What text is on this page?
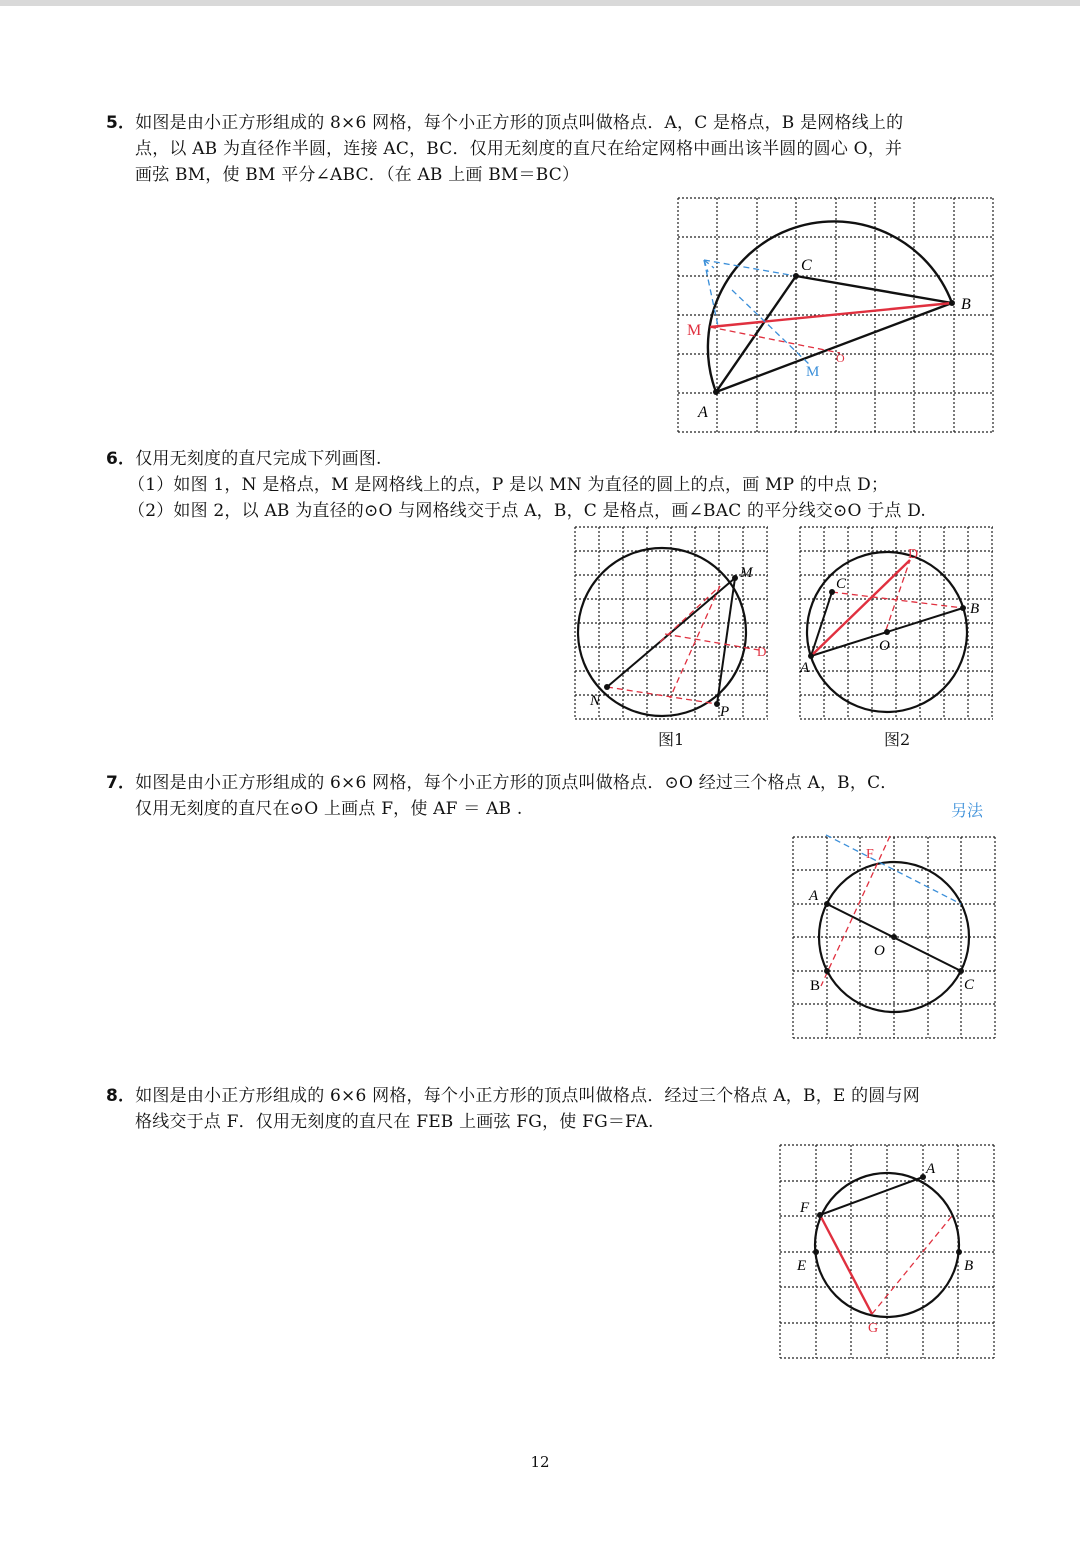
5．如图是由小正方形组成的 8×6 网格，每个小正方形的顶点叫做格点．A，C 是格点，B 是网格线上的
点，以 AB 为直径作半圆，连接 AC，BC．仅用无刻度的直尺在给定网格中画出该半圆的圆心 O，并
画弦 BM，使 BM 平分∠ABC．（在 AB 上画 BM＝BC）
A
C
B
M
O
M
6．仅用无刻度的直尺完成下列画图.
（1）如图 1，N 是格点，M 是网格线上的点，P 是以 MN 为直径的圆上的点，画 MP 的中点 D；
（2）如图 2，以 AB 为直径的⊙O 与网格线交于点 A，B，C 是格点，画∠BAC 的平分线交⊙O 于点 D.
M
N
P
D
图1
A
C
B
O
D
图2
7．如图是由小正方形组成的 6×6 网格，每个小正方形的顶点叫做格点．⊙O 经过三个格点 A，B，C．
仅用无刻度的直尺在⊙O 上画点 F，使 AF ＝ AB .	另法
A
B	C
O
F
8．如图是由小正方形组成的 6×6 网格，每个小正方形的顶点叫做格点．经过三个格点 A，B，E 的圆与网
格线交于点 F．仅用无刻度的直尺在 FEB 上画弦 FG，使 FG＝FA.
A
B
E
F
G
12
